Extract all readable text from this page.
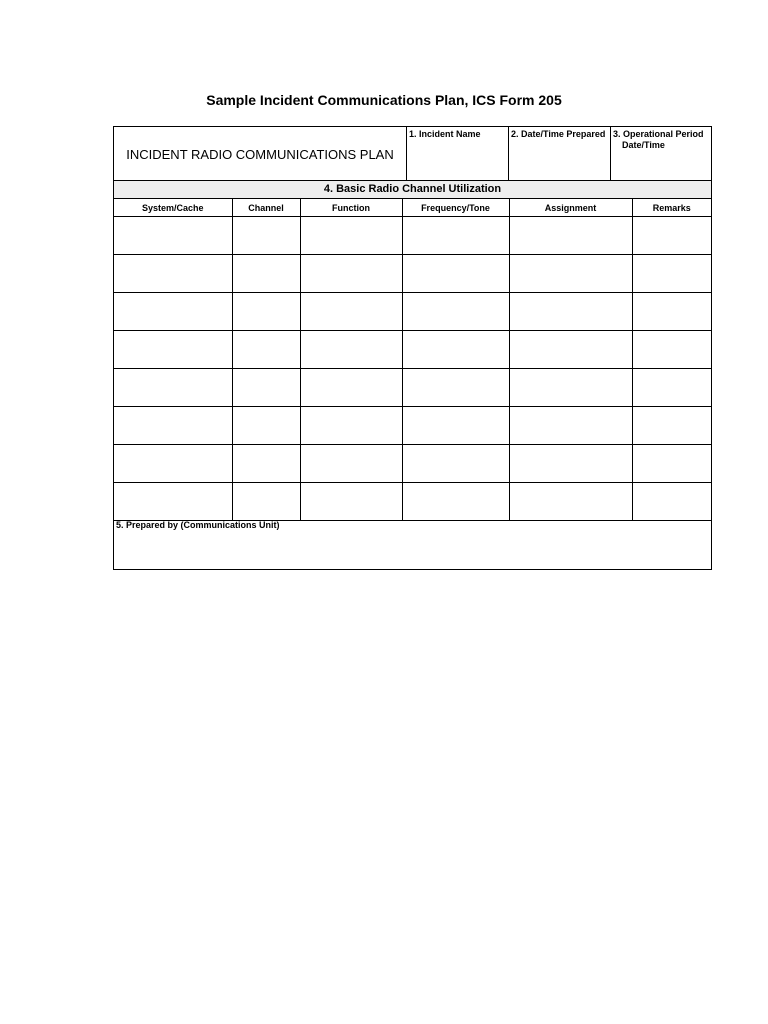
Sample Incident Communications Plan, ICS Form 205
INCIDENT RADIO COMMUNICATIONS PLAN
1. Incident Name	2. Date/Time Prepared 3. Operational Period
Date/Time
4. Basic Radio Channel Utilization
System/Cache	Channel	Function	Frequency/Tone	Assignment	Remarks

5. Prepared by (Communications Unit)
